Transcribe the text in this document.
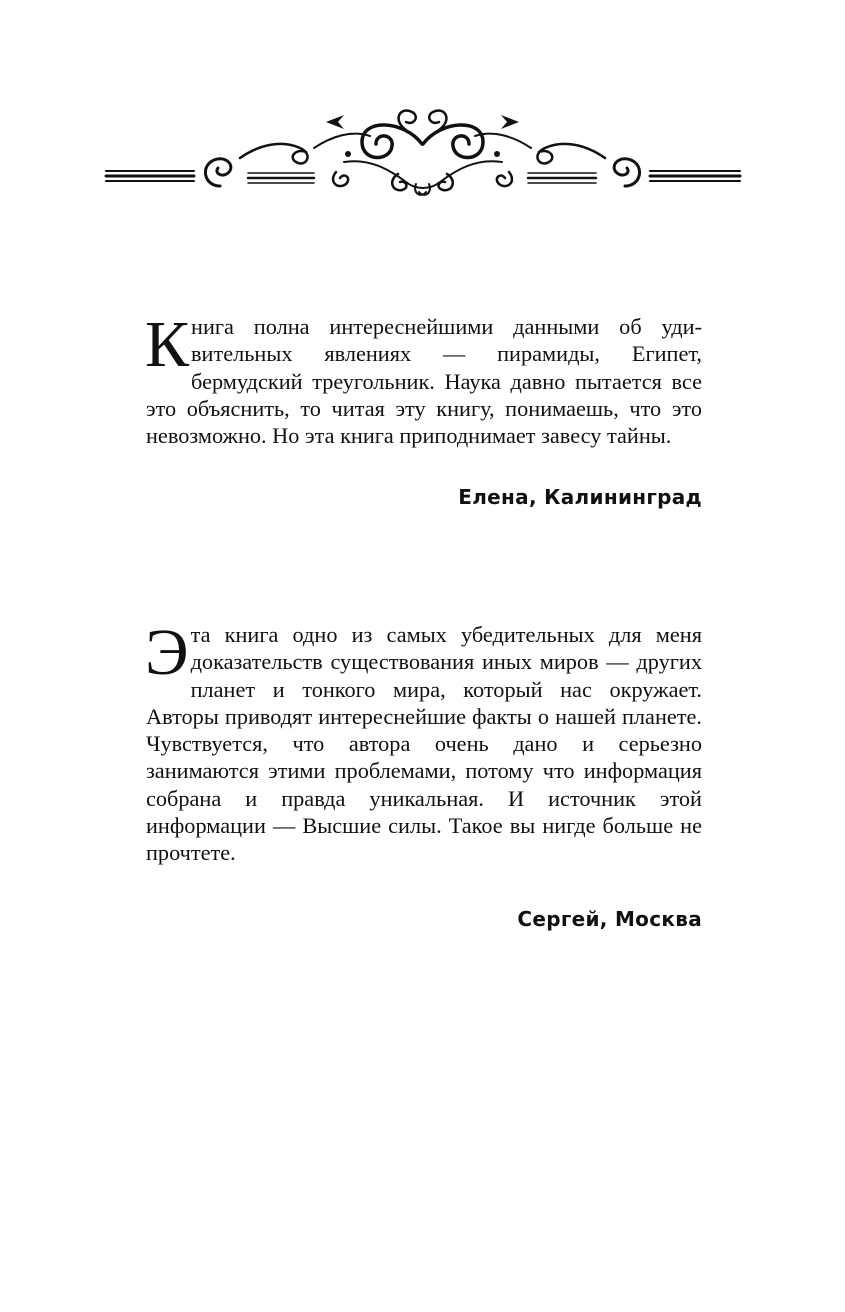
Книга полна интереснейшими данными об удивительных явлениях — пирамиды, Египет, бермудский треугольник. Наука давно пытается все это объяснить, то читая эту книгу, понимаешь, что это невозможно. Но эта книга приподнимает завесу тайны.

Елена, Калининград

Эта книга одно из самых убедительных для меня доказательств существования иных миров — других планет и тонкого мира, который нас окружает. Авторы приводят интереснейшие факты о нашей планете. Чувствуется, что автора очень дано и серьезно занимаются этими проблемами, потому что информация собрана и правда уникальная. И источник этой информации — Высшие силы. Такое вы нигде больше не прочтете.

Сергей, Москва
